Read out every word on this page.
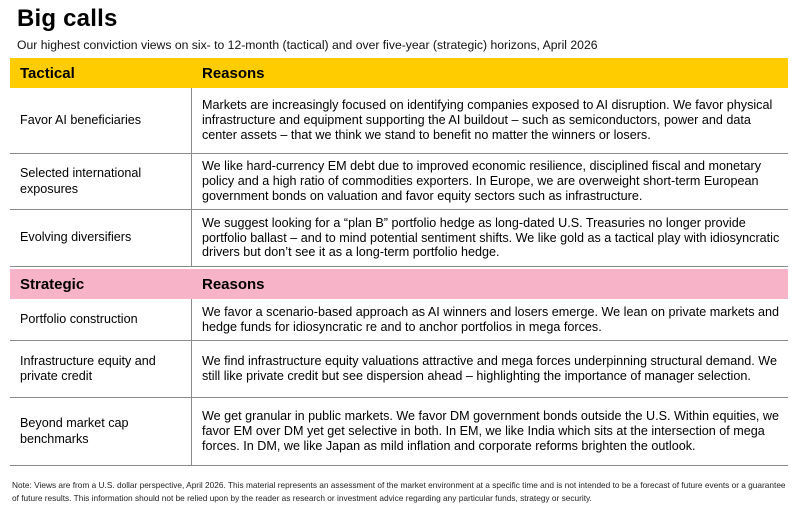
Big calls
Our highest conviction views on six- to 12-month (tactical) and over five-year (strategic) horizons, April 2026
Tactical	Reasons
Favor AI beneficiaries
Markets are increasingly focused on identifying companies exposed to AI disruption. We favor physical infrastructure and equipment supporting the AI buildout – such as semiconductors, power and data center assets – that we think we stand to benefit no matter the winners or losers.
Selected international exposures
We like hard-currency EM debt due to improved economic resilience, disciplined fiscal and monetary policy and a high ratio of commodities exporters. In Europe, we are overweight short-term European government bonds on valuation and favor equity sectors such as infrastructure.
Evolving diversifiers
We suggest looking for a “plan B” portfolio hedge as long-dated U.S. Treasuries no longer provide portfolio ballast – and to mind potential sentiment shifts. We like gold as a tactical play with idiosyncratic drivers but don’t see it as a long-term portfolio hedge.
Strategic	Reasons
Portfolio construction
We favor a scenario-based approach as AI winners and losers emerge. We lean on private markets and hedge funds for idiosyncratic re and to anchor portfolios in mega forces.
Infrastructure equity and private credit
We find infrastructure equity valuations attractive and mega forces underpinning structural demand. We still like private credit but see dispersion ahead – highlighting the importance of manager selection.
Beyond market cap benchmarks
We get granular in public markets. We favor DM government bonds outside the U.S. Within equities, we favor EM over DM yet get selective in both. In EM, we like India which sits at the intersection of mega forces. In DM, we like Japan as mild inflation and corporate reforms brighten the outlook.
Note: Views are from a U.S. dollar perspective, April 2026. This material represents an assessment of the market environment at a specific time and is not intended to be a forecast of future events or a guarantee of future results. This information should not be relied upon by the reader as research or investment advice regarding any particular funds, strategy or security.
